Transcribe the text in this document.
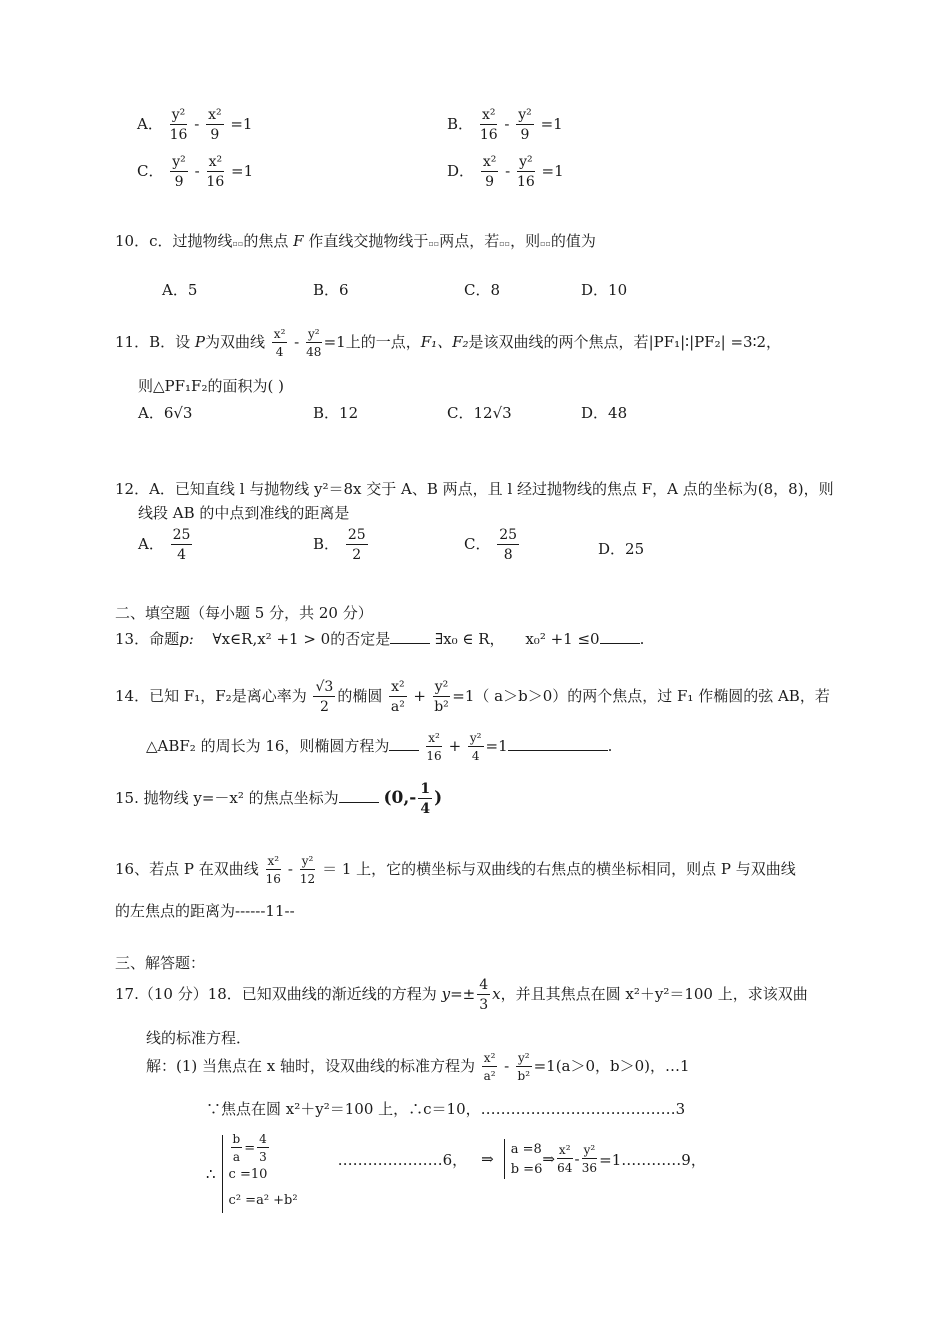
A． $\frac{\text{y²}}{16} - \frac{\text{x²}}{9} =1$	B． $\frac{\text{x²}}{16} - \frac{\text{y²}}{9} =1$
C． $\frac{\text{y²}}{9} - \frac{\text{x²}}{16} =1$	D． $\frac{\text{x²}}{9} - \frac{\text{y²}}{16} =1$
10．c．过抛物线▫▫的焦点 F 作直线交抛物线于▫▫两点，若▫▫，则▫▫的值为
A．5	B．6	C．8	D．10
11．B．设 P为双曲线 $\frac{\text{x²}}{4} - \frac{\text{y²}}{48} =1$上的一点，F₁、F₂是该双曲线的两个焦点，若|PF₁|∶|PF₂| =3∶2，
则△PF₁F₂的面积为( )
A．6√3	B．12	C．12√3	D．48
12．A．已知直线 l 与抛物线 y²＝8x 交于 A、B 两点，且 l 经过抛物线的焦点 F，A 点的坐标为(8，8)，则
线段 AB 的中点到准线的距离是
A． $\frac{25}{4}$	B． $\frac{25}{2}$	C． $\frac{25}{8}$	D．25
二、填空题（每小题 5 分，共 20 分）
13．命题p: ∀x∈R,x² +1 > 0的否定是	∃x₀ ∈ R， x₀² +1 ≤0	.
14．已知 F₁，F₂是离心率为 $\frac{√3}{2}$ 的椭圆 $\frac{\text{x²}}{\text{a²}} + \frac{\text{y²}}{\text{b²}} =1$（ a＞b＞0）的两个焦点，过 F₁ 作椭圆的弦 AB，若
△ABF₂ 的周长为 16，则椭圆方程为	$\frac{\text{x²}}{16} + \frac{\text{y²}}{4} =1$	.
15. 抛物线 y=－x² 的焦点坐标为	($0,- \frac{1}{4}$ )
16、若点 P 在双曲线 $\frac{\text{x²}}{16} - \frac{\text{y²}}{12} = 1$ 上，它的横坐标与双曲线的右焦点的横坐标相同，则点 P 与双曲线
的左焦点的距离为------11--
三、解答题：
17.（10 分）18．已知双曲线的渐近线的方程为 $y=\pm \frac{4}{3}$ x，并且其焦点在圆 x²＋y²＝100 上，求该双曲
线的标准方程．
解：(1) 当焦点在 x 轴时，设双曲线的标准方程为 $\frac{\text{x²}}{\text{a²}} - \frac{\text{y²}}{\text{b²}} =1(a>0$，b＞0)，…1
∵焦点在圆 x²＋y²＝100 上，∴c＝10，…………………………………3
∴
$\frac{b}{a} = \frac{4}{3}$
c =10
c² =a² +b²
…………………6， ⇒
a =8
b =6
⇒ $\frac{\text{x²}}{64} - \frac{\text{y²}}{36}$ =1…………9，
